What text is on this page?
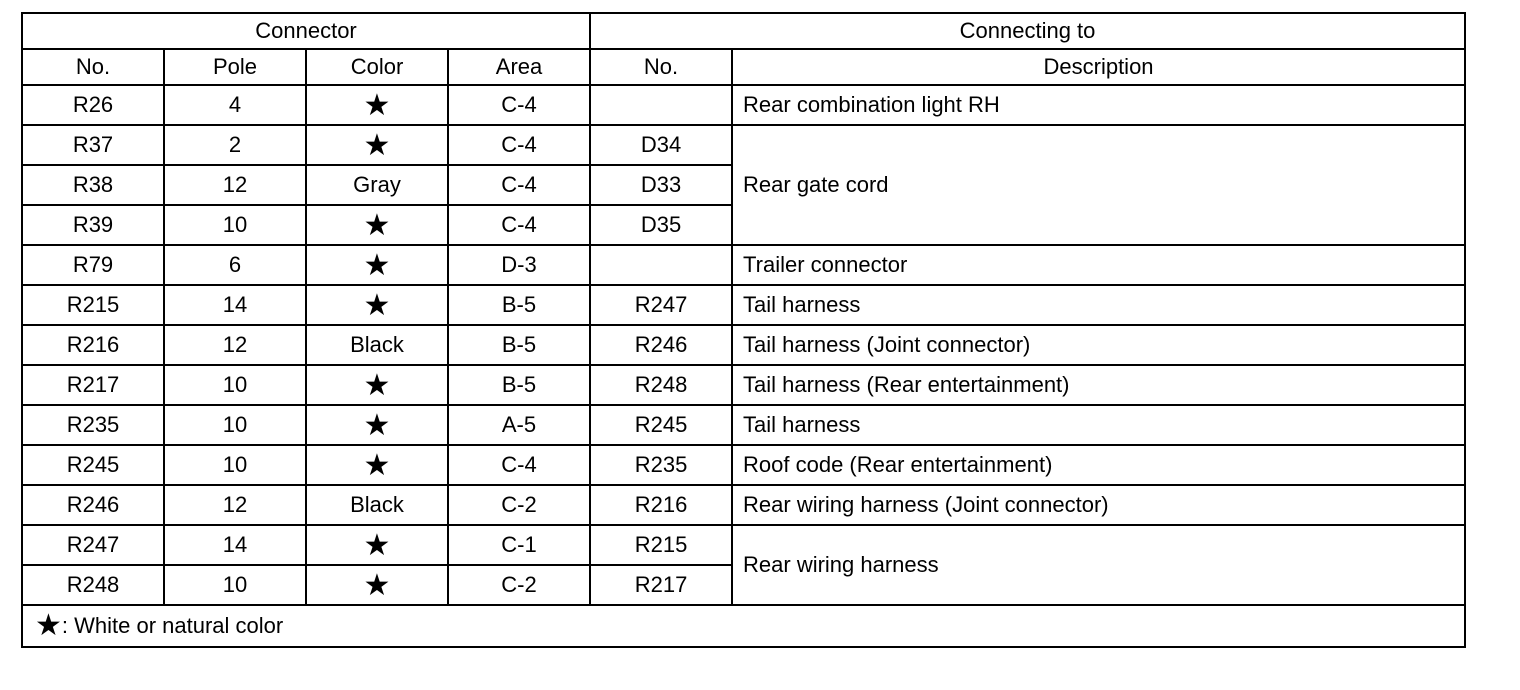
Connector				Connecting to	
No.	Pole	Color	Area	No.	Description
R26	4	★	C-4		Rear combination light RH
R37	2	★	C-4	D34	Rear gate cord
R38	12	Gray	C-4	D33	
R39	10	★	C-4	D35	
R79	6	★	D-3		Trailer connector
R215	14	★	B-5	R247	Tail harness
R216	12	Black	B-5	R246	Tail harness (Joint connector)
R217	10	★	B-5	R248	Tail harness (Rear entertainment)
R235	10	★	A-5	R245	Tail harness
R245	10	★	C-4	R235	Roof code (Rear entertainment)
R246	12	Black	C-2	R216	Rear wiring harness (Joint connector)
R247	14	★	C-1	R215	Rear wiring harness
R248	10	★	C-2	R217	
★: White or natural color					
